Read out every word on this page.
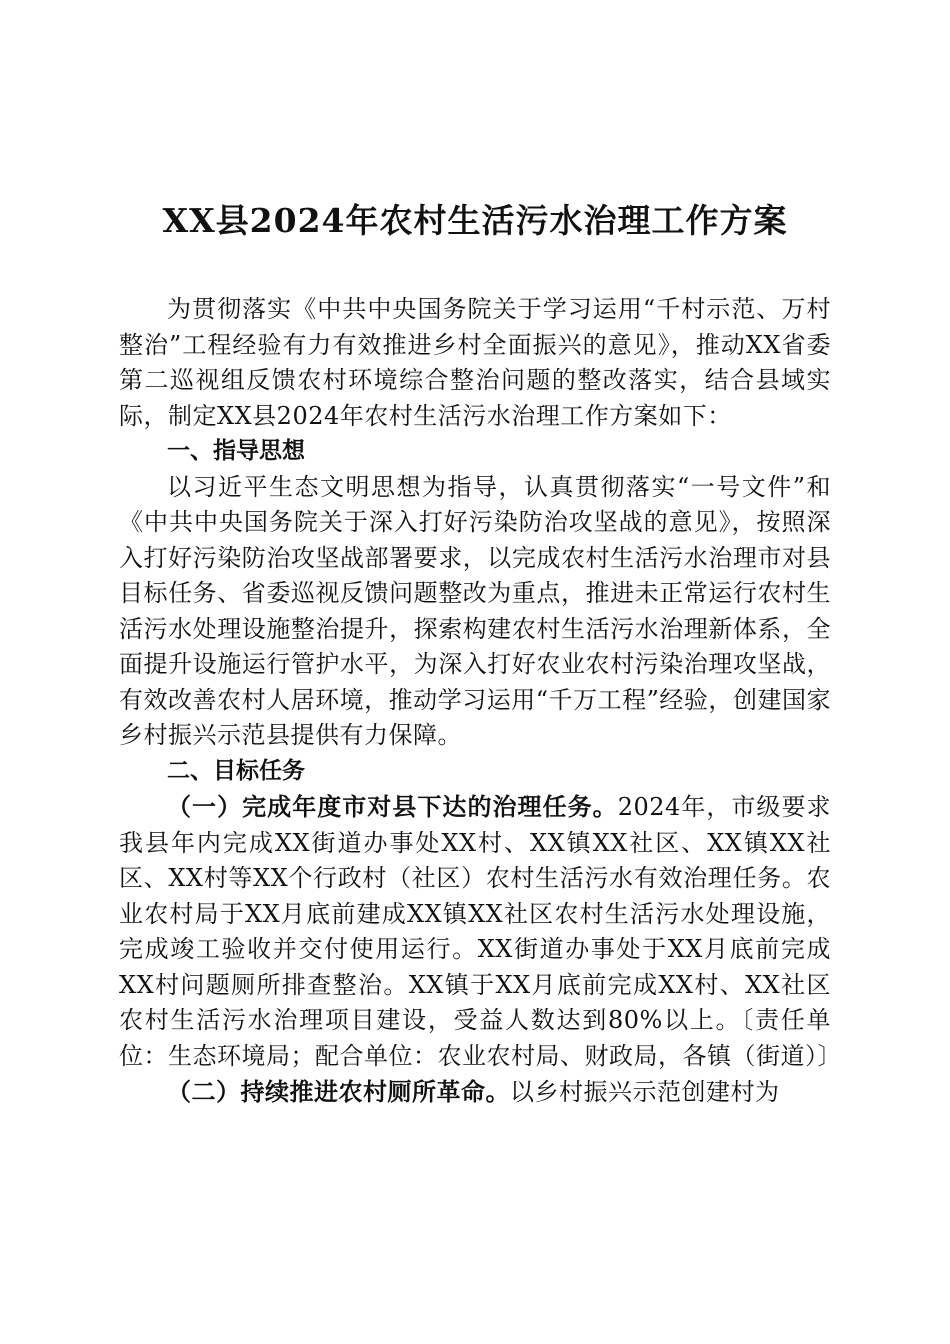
XX县2024年农村生活污水治理工作方案

为贯彻落实《中共中央国务院关于学习运用“千村示范、万村整治”工程经验有力有效推进乡村全面振兴的意见》，推动XX省委第二巡视组反馈农村环境综合整治问题的整改落实，结合县域实际，制定XX县2024年农村生活污水治理工作方案如下：

一、指导思想

以习近平生态文明思想为指导，认真贯彻落实“一号文件”和《中共中央国务院关于深入打好污染防治攻坚战的意见》，按照深入打好污染防治攻坚战部署要求，以完成农村生活污水治理市对县目标任务、省委巡视反馈问题整改为重点，推进未正常运行农村生活污水处理设施整治提升，探索构建农村生活污水治理新体系，全面提升设施运行管护水平，为深入打好农业农村污染治理攻坚战，有效改善农村人居环境，推动学习运用“千万工程”经验，创建国家乡村振兴示范县提供有力保障。

二、目标任务

（一）完成年度市对县下达的治理任务。2024年，市级要求我县年内完成XX街道办事处XX村、XX镇XX社区、XX镇XX社区、XX村等XX个行政村（社区）农村生活污水有效治理任务。农业农村局于XX月底前建成XX镇XX社区农村生活污水处理设施，完成竣工验收并交付使用运行。XX街道办事处于XX月底前完成XX村问题厕所排查整治。XX镇于XX月底前完成XX村、XX社区农村生活污水治理项目建设，受益人数达到80%以上。〔责任单位：生态环境局；配合单位：农业农村局、财政局，各镇（街道）〕

（二）持续推进农村厕所革命。以乡村振兴示范创建村为
